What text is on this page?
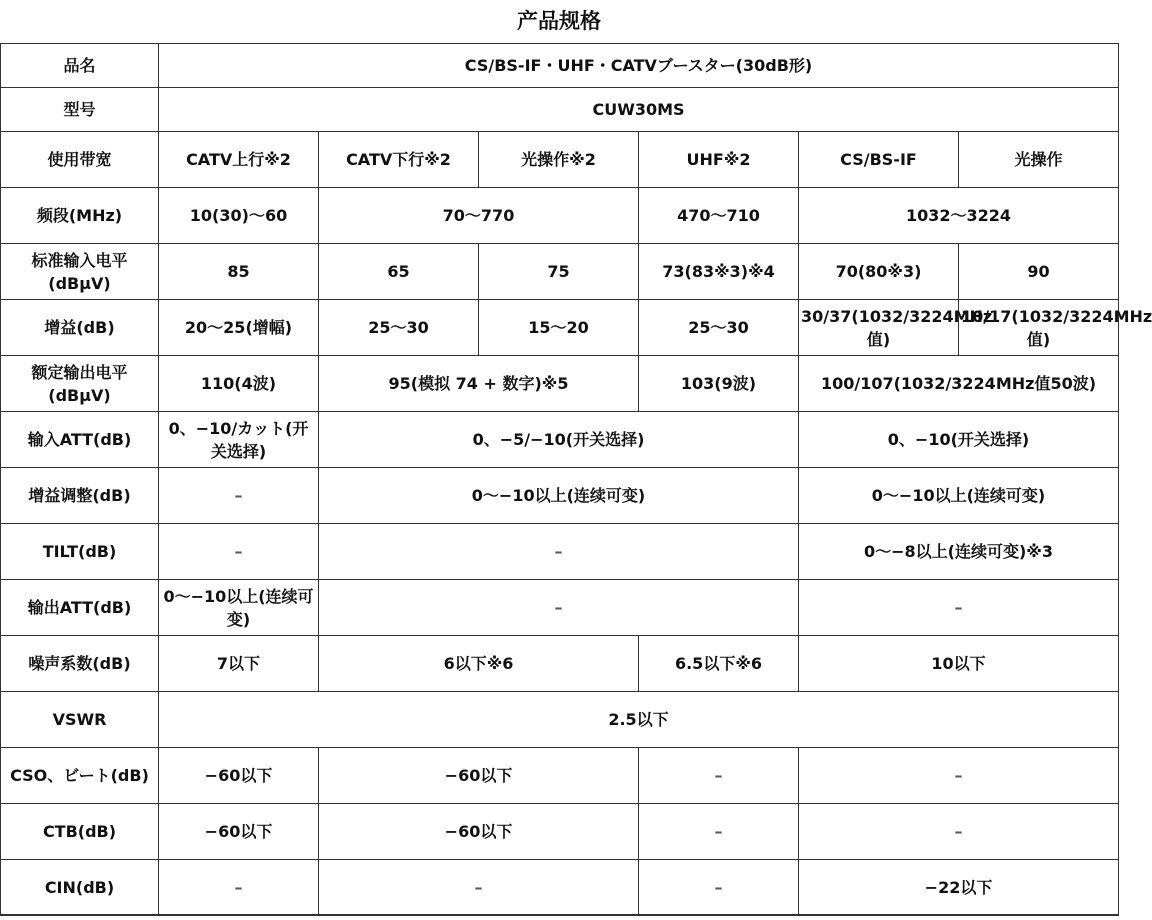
产品规格
品名	CS/BS-IF・UHF・CATVブースター(30dB形)					
型号	CUW30MS					
使用带宽	CATV上行※2	CATV下行※2	光操作※2	UHF※2	CS/BS-IF	光操作
频段(MHz)	10(30)～60	70～770		470～710	1032～3224	
标准输入电平(dBμV)	85	65	75	73(83※3)※4	70(80※3)	90
增益(dB)	20～25(增幅)	25～30	15～20	25～30	30/37(1032/3224MHz值)	10/17(1032/3224MHz值)
额定输出电平(dBμV)	110(4波)	95(模拟 74 + 数字)※5		103(9波)	100/107(1032/3224MHz值50波)	
输入ATT(dB)	0、−10/カット(开关选择)	0、−5/−10(开关选择)			0、−10(开关选择)	
增益调整(dB)	–	0～−10以上(连续可变)			0～−10以上(连续可变)	
TILT(dB)	–	–			0～−8以上(连续可变)※3	
输出ATT(dB)	0～−10以上(连续可变)	–			–	
噪声系数(dB)	7以下	6以下※6		6.5以下※6	10以下	
VSWR	2.5以下					
CSO、ビート(dB)	−60以下	−60以下		–	–	
CTB(dB)	−60以下	−60以下		–	–	
CIN(dB)	–	–		–	−22以下	
